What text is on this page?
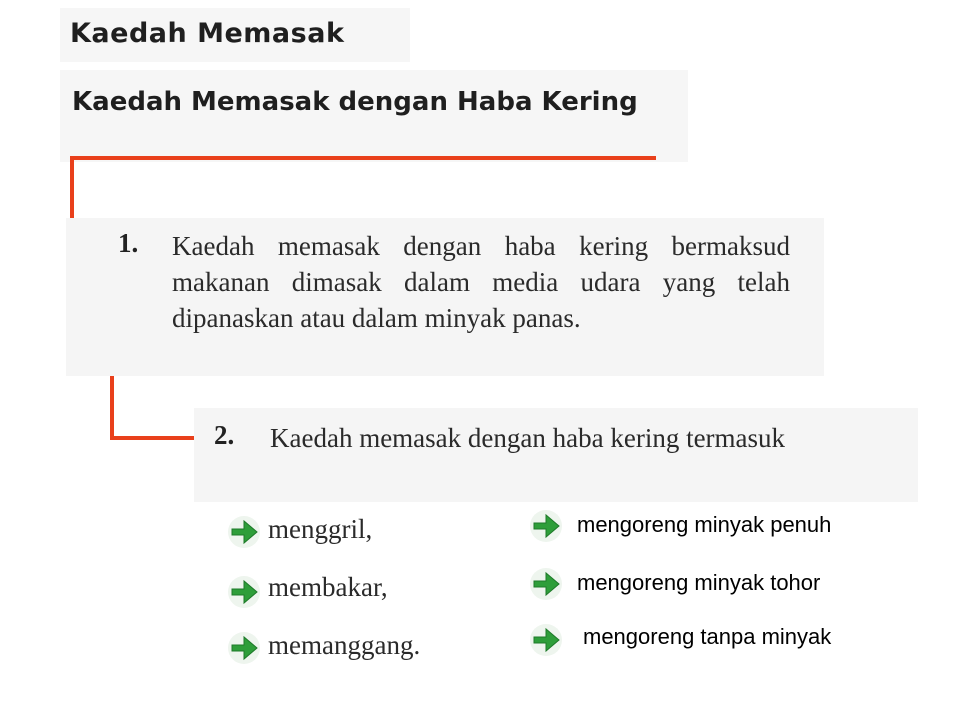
Kaedah Memasak
Kaedah Memasak dengan Haba Kering
1. Kaedah memasak dengan haba kering bermaksud makanan dimasak dalam media udara yang telah dipanaskan atau dalam minyak panas.
2. Kaedah memasak dengan haba kering termasuk
menggril,
membakar,
memanggang.
mengoreng minyak penuh
mengoreng minyak tohor
mengoreng tanpa minyak
